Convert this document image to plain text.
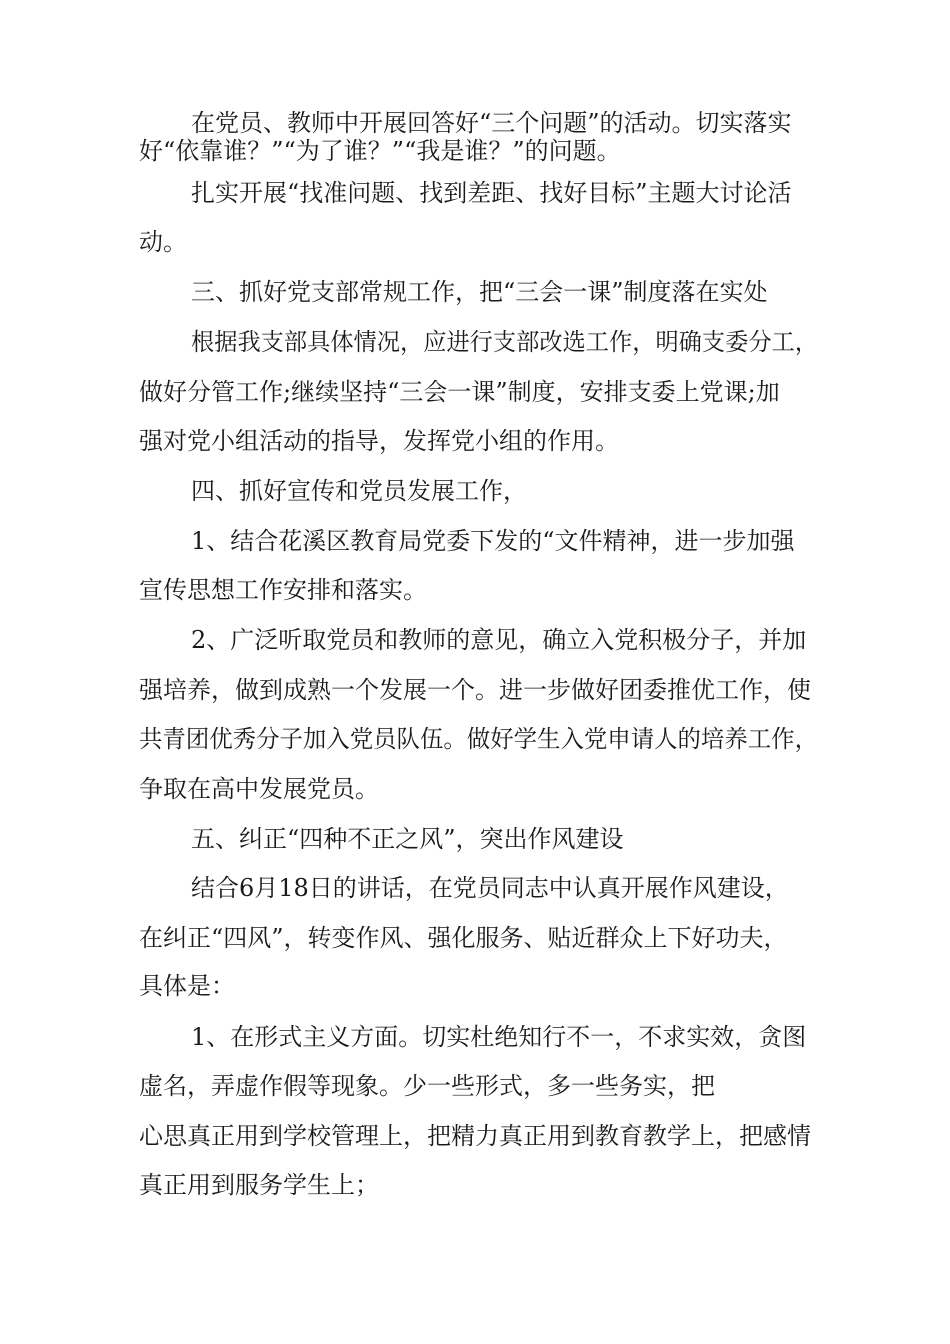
在党员、教师中开展回答好“三个问题”的活动。切实落实
好“依靠谁？”“为了谁？”“我是谁？”的问题。
扎实开展“找准问题、找到差距、找好目标”主题大讨论活
动。
三、抓好党支部常规工作，把“三会一课”制度落在实处
根据我支部具体情况，应进行支部改选工作，明确支委分工，
做好分管工作;继续坚持“三会一课”制度，安排支委上党课;加
强对党小组活动的指导，发挥党小组的作用。
四、抓好宣传和党员发展工作，
1、结合花溪区教育局党委下发的“文件精神，进一步加强
宣传思想工作安排和落实。
2、广泛听取党员和教师的意见，确立入党积极分子，并加
强培养，做到成熟一个发展一个。进一步做好团委推优工作，使
共青团优秀分子加入党员队伍。做好学生入党申请人的培养工作，
争取在高中发展党员。
五、纠正“四种不正之风”，突出作风建设
结合6月18日的讲话，在党员同志中认真开展作风建设，
在纠正“四风”，转变作风、强化服务、贴近群众上下好功夫，
具体是：
1、在形式主义方面。切实杜绝知行不一，不求实效，贪图
虚名，弄虚作假等现象。少一些形式，多一些务实，把
心思真正用到学校管理上，把精力真正用到教育教学上，把感情
真正用到服务学生上；
